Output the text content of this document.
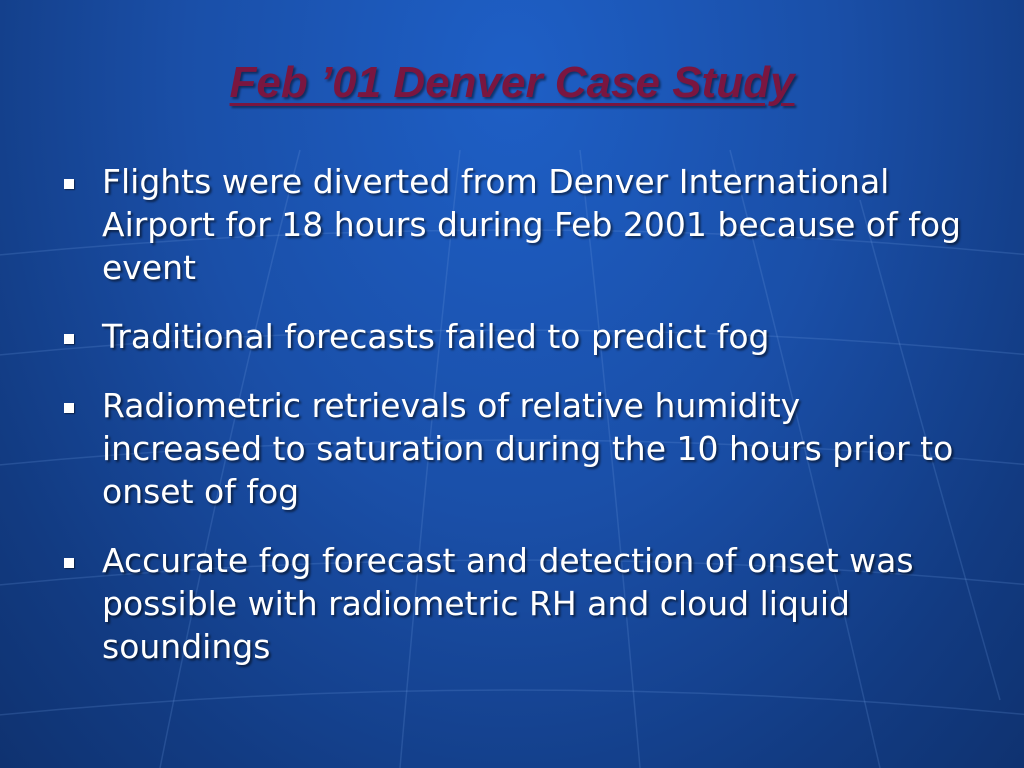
Feb ’01 Denver Case Study
Flights were diverted from Denver International Airport for 18 hours during Feb 2001 because of fog event
Traditional forecasts failed to predict fog
Radiometric retrievals of relative humidity increased to saturation during the 10 hours prior to onset of fog
Accurate fog forecast and detection of onset was possible with radiometric RH and cloud liquid soundings
